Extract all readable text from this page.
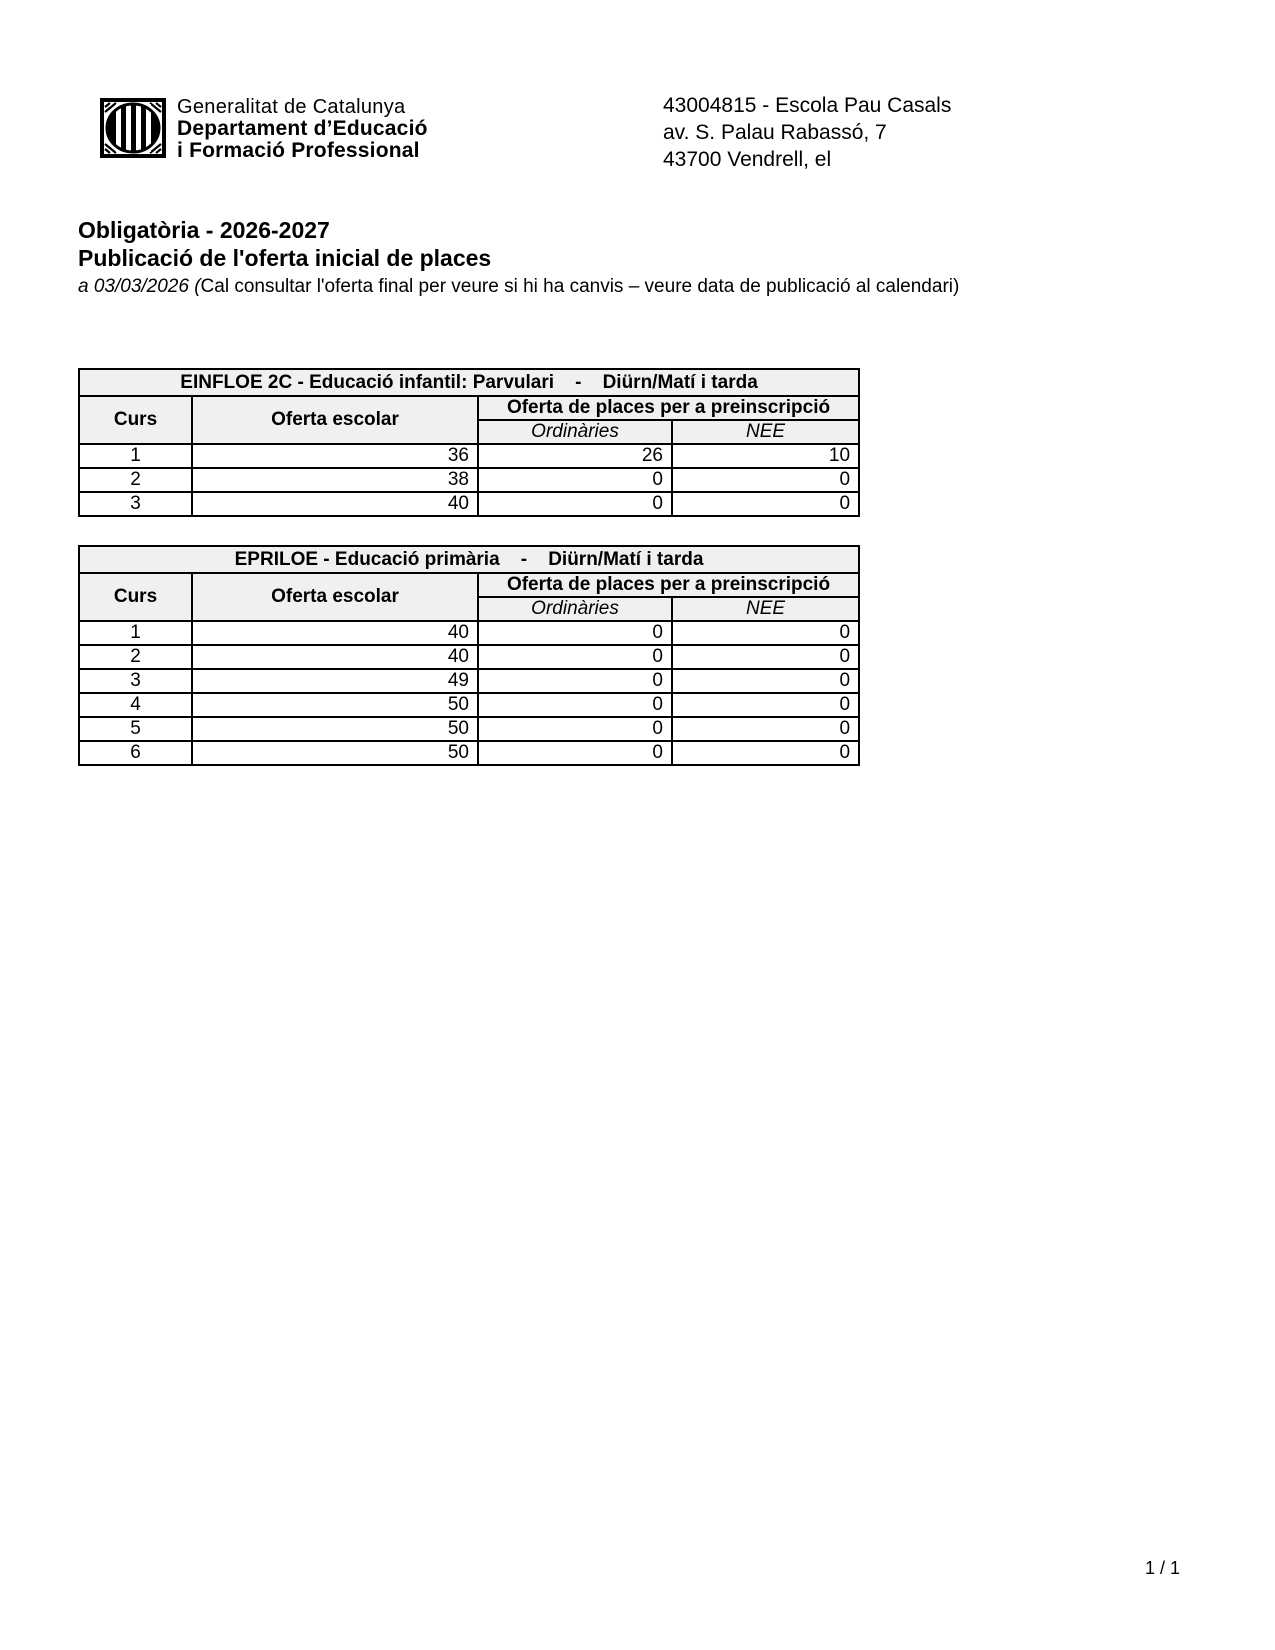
Generalitat de Catalunya
Departament d’Educació
i Formació Professional
43004815 - Escola Pau Casals
av. S. Palau Rabassó, 7
43700 Vendrell, el
Obligatòria - 2026-2027
Publicació de l'oferta inicial de places
a 03/03/2026 (Cal consultar l'oferta final per veure si hi ha canvis – veure data de publicació al calendari)
EINFLOE 2C - Educació infantil: Parvulari    -    Diürn/Matí i tarda			
Curs	Oferta escolar	Oferta de places per a preinscripció	
		Ordinàries	NEE
1	36	26	10
2	38	0	0
3	40	0	0
EPRILOE - Educació primària    -    Diürn/Matí i tarda			
Curs	Oferta escolar	Oferta de places per a preinscripció	
		Ordinàries	NEE
1	40	0	0
2	40	0	0
3	49	0	0
4	50	0	0
5	50	0	0
6	50	0	0
1 / 1
